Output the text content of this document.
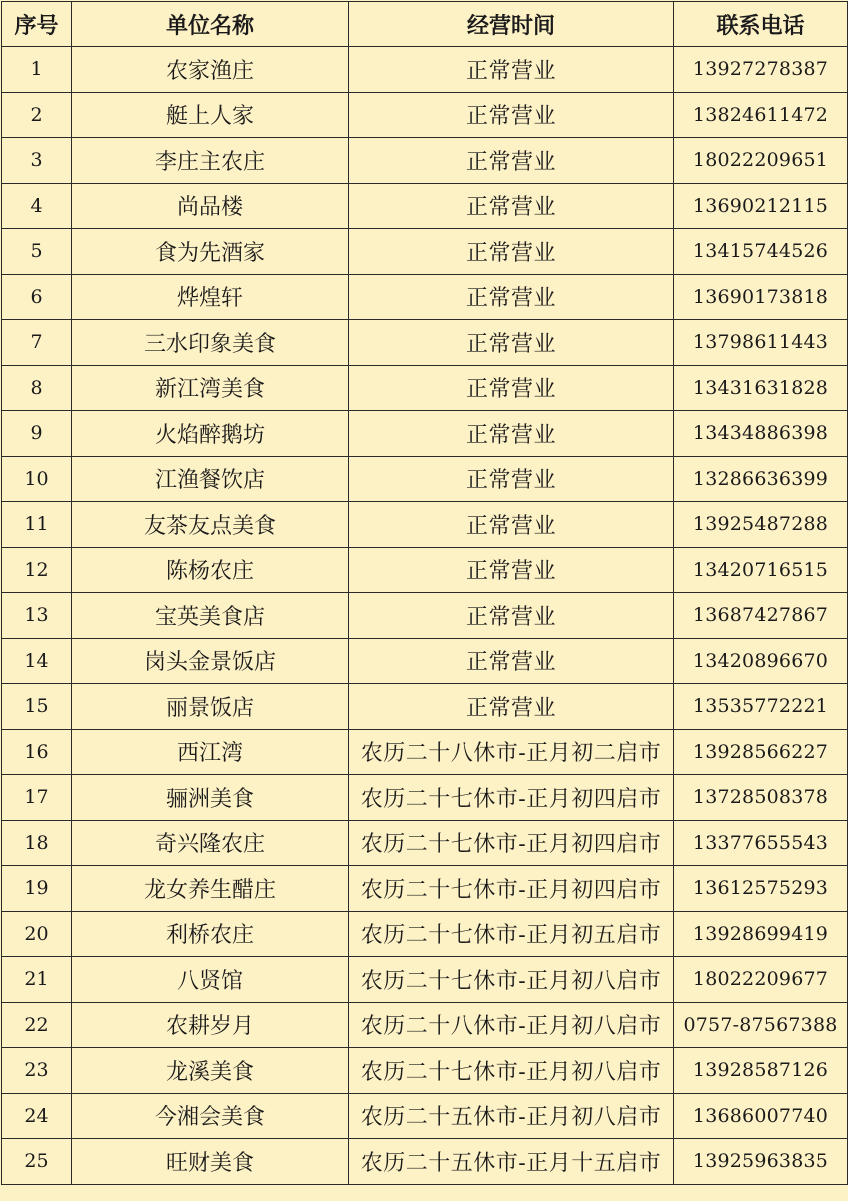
序号	单位名称	经营时间	联系电话
1	农家渔庄	正常营业	13927278387
2	艇上人家	正常营业	13824611472
3	李庄主农庄	正常营业	18022209651
4	尚品楼	正常营业	13690212115
5	食为先酒家	正常营业	13415744526
6	烨煌轩	正常营业	13690173818
7	三水印象美食	正常营业	13798611443
8	新江湾美食	正常营业	13431631828
9	火焰醉鹅坊	正常营业	13434886398
10	江渔餐饮店	正常营业	13286636399
11	友茶友点美食	正常营业	13925487288
12	陈杨农庄	正常营业	13420716515
13	宝英美食店	正常营业	13687427867
14	岗头金景饭店	正常营业	13420896670
15	丽景饭店	正常营业	13535772221
16	西江湾	农历二十八休市-正月初二启市	13928566227
17	骊洲美食	农历二十七休市-正月初四启市	13728508378
18	奇兴隆农庄	农历二十七休市-正月初四启市	13377655543
19	龙女养生醋庄	农历二十七休市-正月初四启市	13612575293
20	利桥农庄	农历二十七休市-正月初五启市	13928699419
21	八贤馆	农历二十七休市-正月初八启市	18022209677
22	农耕岁月	农历二十八休市-正月初八启市	0757-87567388
23	龙溪美食	农历二十七休市-正月初八启市	13928587126
24	今湘会美食	农历二十五休市-正月初八启市	13686007740
25	旺财美食	农历二十五休市-正月十五启市	13925963835
